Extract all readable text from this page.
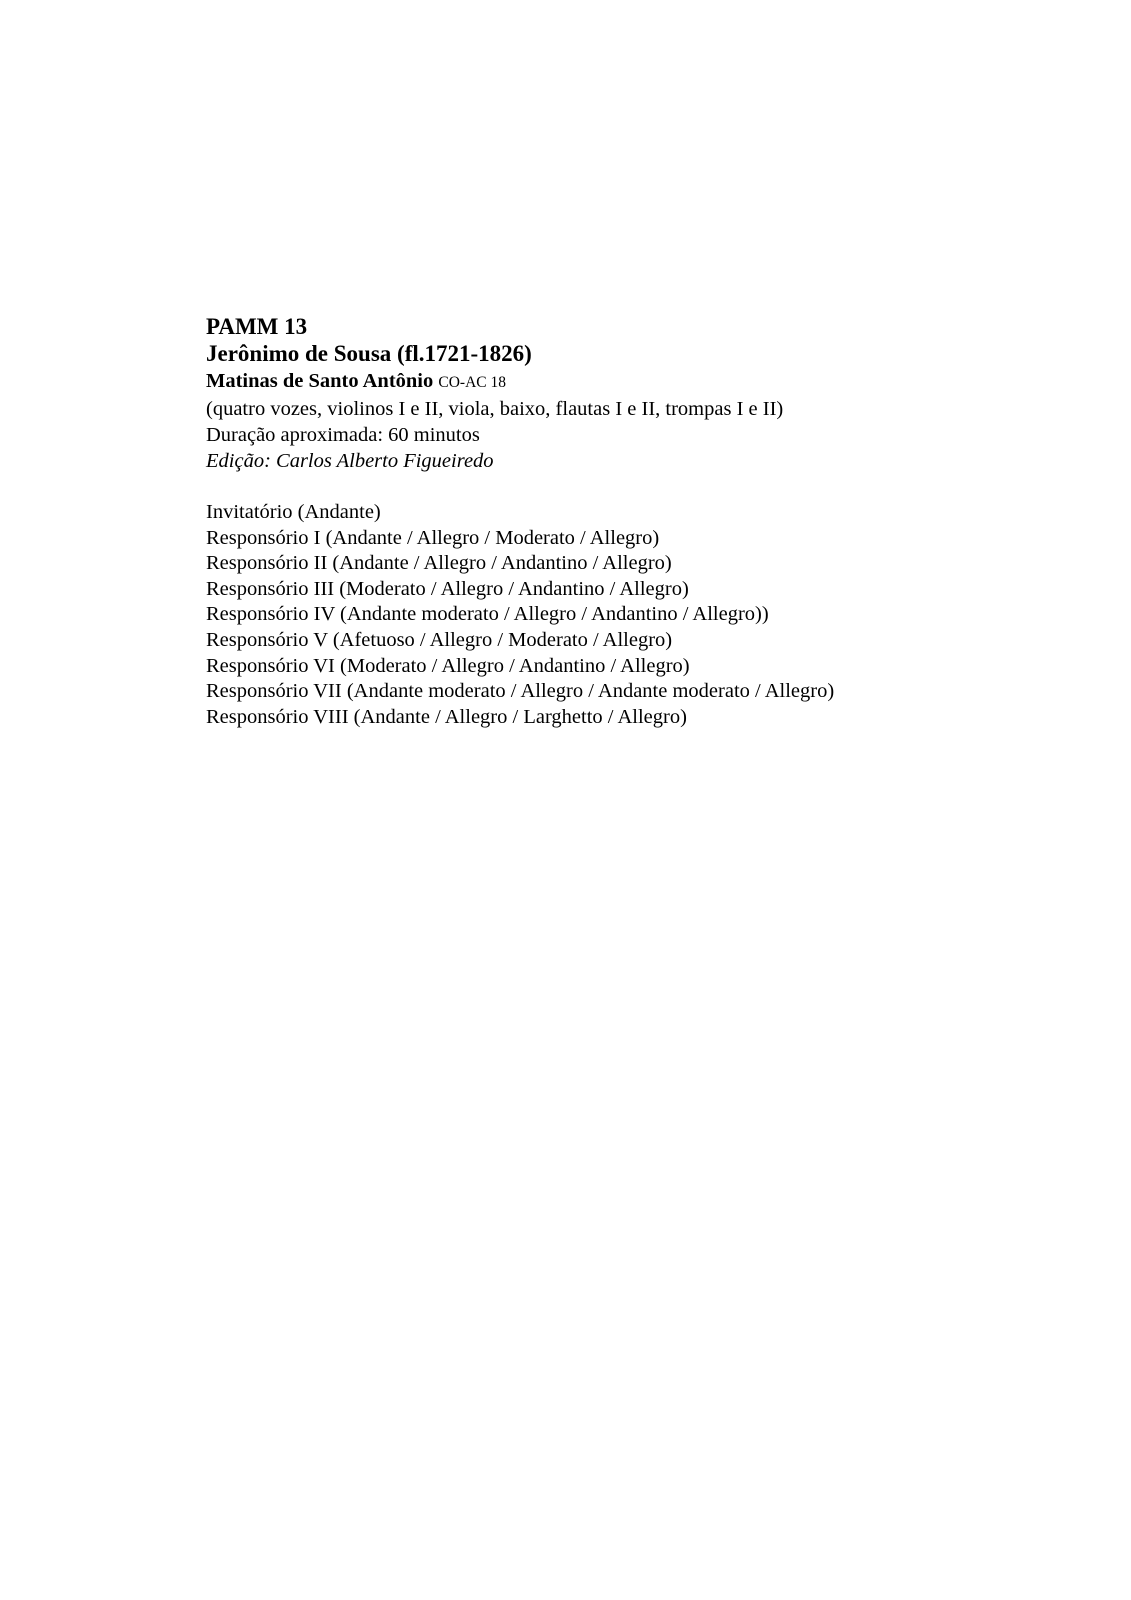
PAMM 13

Jerônimo de Sousa (fl.1721-1826)

Matinas de Santo Antônio CO-AC 18

(quatro vozes, violinos I e II, viola, baixo, flautas I e II, trompas I e II)

Duração aproximada: 60 minutos

Edição: Carlos Alberto Figueiredo

Invitatório (Andante)
Responsório I (Andante / Allegro / Moderato / Allegro)
Responsório II (Andante / Allegro / Andantino / Allegro)
Responsório III (Moderato / Allegro / Andantino / Allegro)
Responsório IV (Andante moderato / Allegro / Andantino / Allegro))
Responsório V (Afetuoso / Allegro / Moderato / Allegro)
Responsório VI (Moderato / Allegro / Andantino / Allegro)
Responsório VII (Andante moderato / Allegro / Andante moderato / Allegro)
Responsório VIII (Andante / Allegro / Larghetto / Allegro)
